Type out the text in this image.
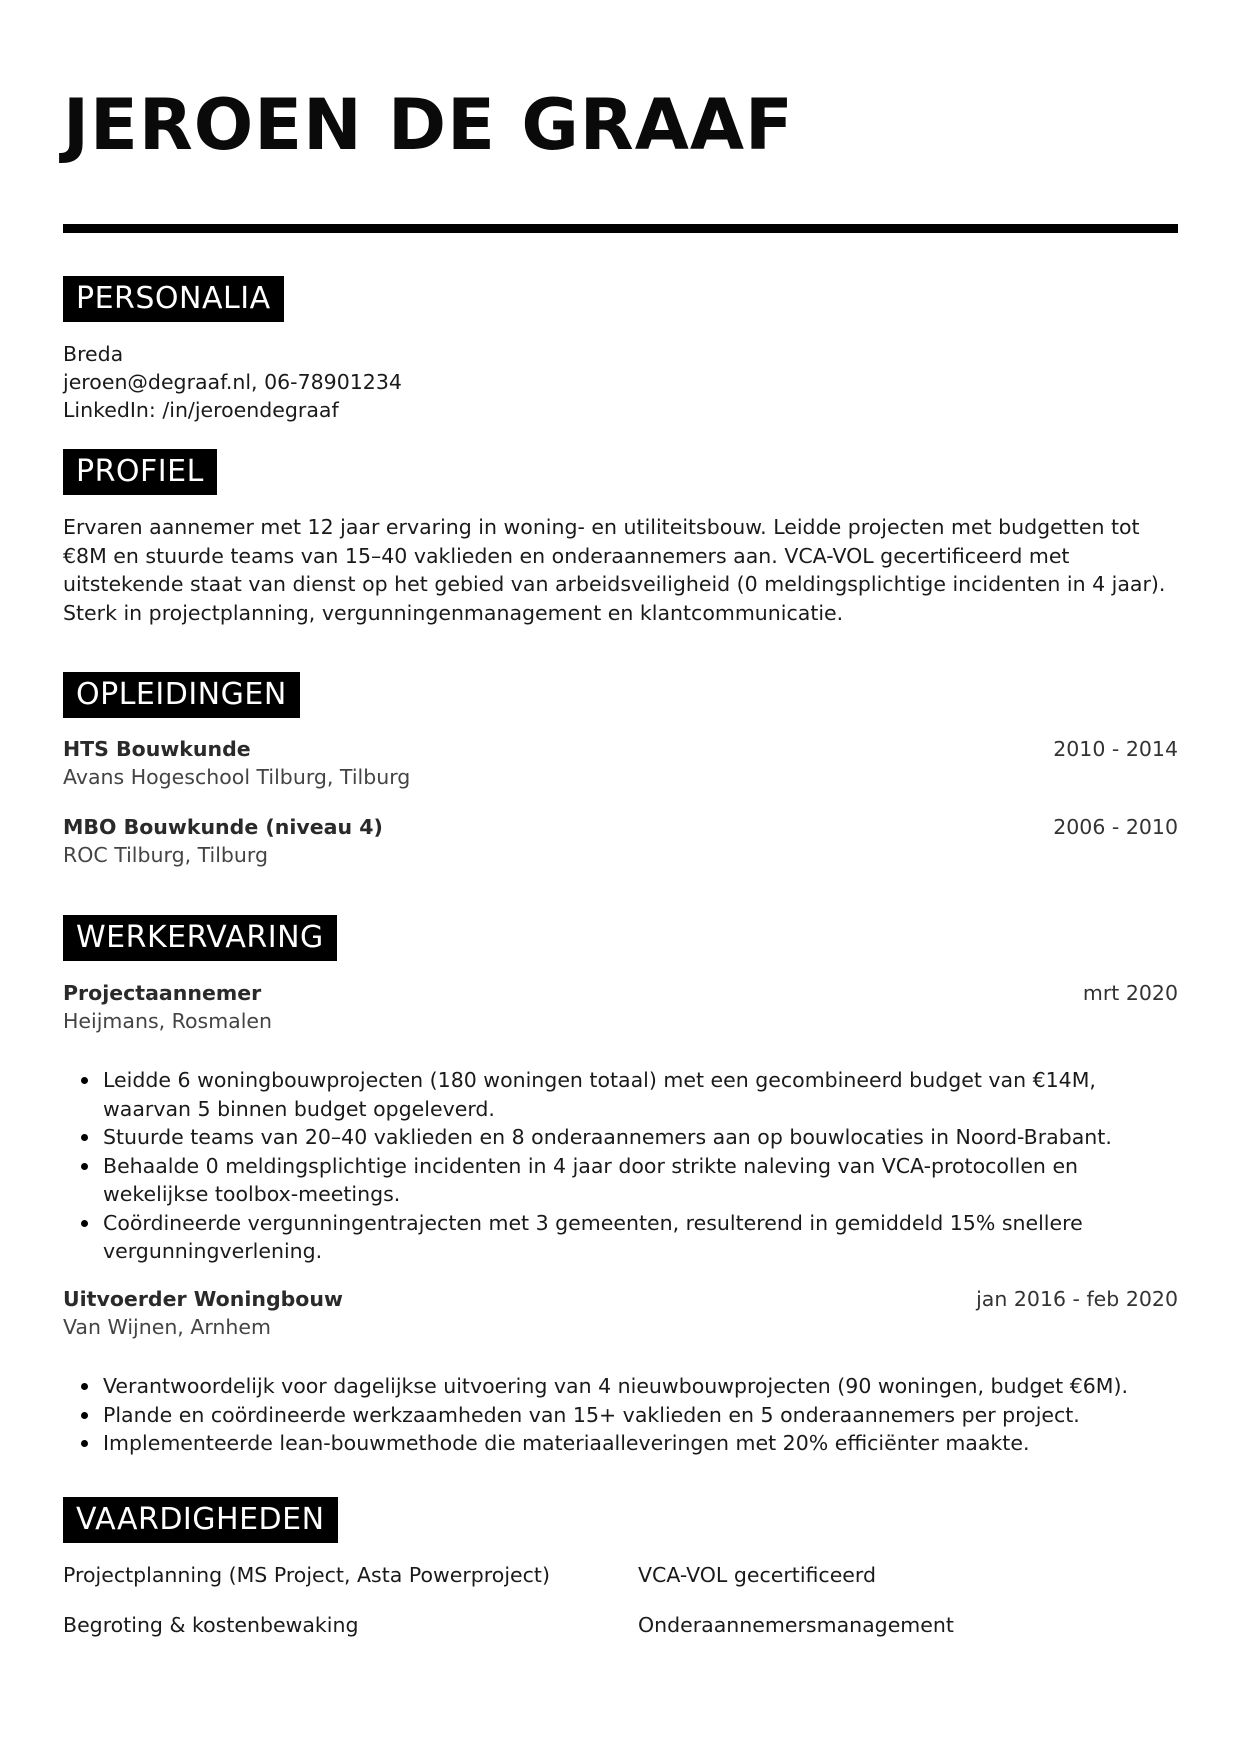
JEROEN DE GRAAF
PERSONALIA
Breda
jeroen@degraaf.nl, 06-78901234
LinkedIn: /in/jeroendegraaf
PROFIEL
Ervaren aannemer met 12 jaar ervaring in woning- en utiliteitsbouw. Leidde projecten met budgetten tot €8M en stuurde teams van 15–40 vaklieden en onderaannemers aan. VCA-VOL gecertificeerd met uitstekende staat van dienst op het gebied van arbeidsveiligheid (0 meldingsplichtige incidenten in 4 jaar). Sterk in projectplanning, vergunningenmanagement en klantcommunicatie.
OPLEIDINGEN
HTS Bouwkunde	2010 - 2014
Avans Hogeschool Tilburg, Tilburg
MBO Bouwkunde (niveau 4)	2006 - 2010
ROC Tilburg, Tilburg
WERKERVARING
Projectaannemer	mrt 2020
Heijmans, Rosmalen
Leidde 6 woningbouwprojecten (180 woningen totaal) met een gecombineerd budget van €14M, waarvan 5 binnen budget opgeleverd.
Stuurde teams van 20–40 vaklieden en 8 onderaannemers aan op bouwlocaties in Noord-Brabant.
Behaalde 0 meldingsplichtige incidenten in 4 jaar door strikte naleving van VCA-protocollen en wekelijkse toolbox-meetings.
Coördineerde vergunningentrajecten met 3 gemeenten, resulterend in gemiddeld 15% snellere vergunningverlening.
Uitvoerder Woningbouw	jan 2016 - feb 2020
Van Wijnen, Arnhem
Verantwoordelijk voor dagelijkse uitvoering van 4 nieuwbouwprojecten (90 woningen, budget €6M).
Plande en coördineerde werkzaamheden van 15+ vaklieden en 5 onderaannemers per project.
Implementeerde lean-bouwmethode die materiaalleveringen met 20% efficiënter maakte.
VAARDIGHEDEN
Projectplanning (MS Project, Asta Powerproject)	VCA-VOL gecertificeerd
Begroting & kostenbewaking	Onderaannemersmanagement
